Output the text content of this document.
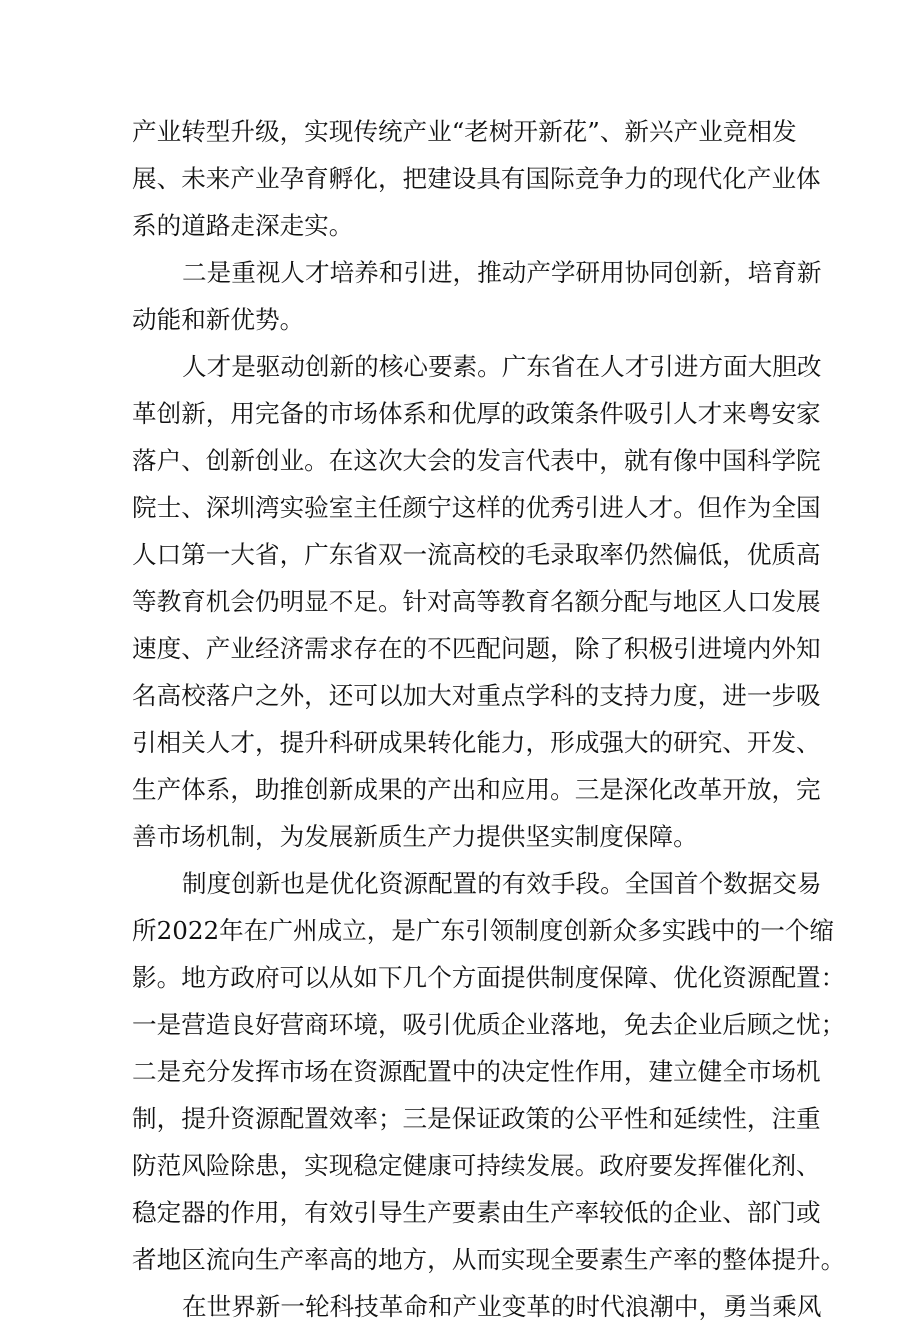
产业转型升级，实现传统产业“老树开新花”、新兴产业竞相发
展、未来产业孕育孵化，把建设具有国际竞争力的现代化产业体
系的道路走深走实。
二是重视人才培养和引进，推动产学研用协同创新，培育新
动能和新优势。
人才是驱动创新的核心要素。广东省在人才引进方面大胆改
革创新，用完备的市场体系和优厚的政策条件吸引人才来粤安家
落户、创新创业。在这次大会的发言代表中，就有像中国科学院
院士、深圳湾实验室主任颜宁这样的优秀引进人才。但作为全国
人口第一大省，广东省双一流高校的毛录取率仍然偏低，优质高
等教育机会仍明显不足。针对高等教育名额分配与地区人口发展
速度、产业经济需求存在的不匹配问题，除了积极引进境内外知
名高校落户之外，还可以加大对重点学科的支持力度，进一步吸
引相关人才，提升科研成果转化能力，形成强大的研究、开发、
生产体系，助推创新成果的产出和应用。三是深化改革开放，完
善市场机制，为发展新质生产力提供坚实制度保障。
制度创新也是优化资源配置的有效手段。全国首个数据交易
所2022年在广州成立，是广东引领制度创新众多实践中的一个缩
影。地方政府可以从如下几个方面提供制度保障、优化资源配置：
一是营造良好营商环境，吸引优质企业落地，免去企业后顾之忧；
二是充分发挥市场在资源配置中的决定性作用，建立健全市场机
制，提升资源配置效率；三是保证政策的公平性和延续性，注重
防范风险除患，实现稳定健康可持续发展。政府要发挥催化剂、
稳定器的作用，有效引导生产要素由生产率较低的企业、部门或
者地区流向生产率高的地方，从而实现全要素生产率的整体提升。
在世界新一轮科技革命和产业变革的时代浪潮中，勇当乘风
